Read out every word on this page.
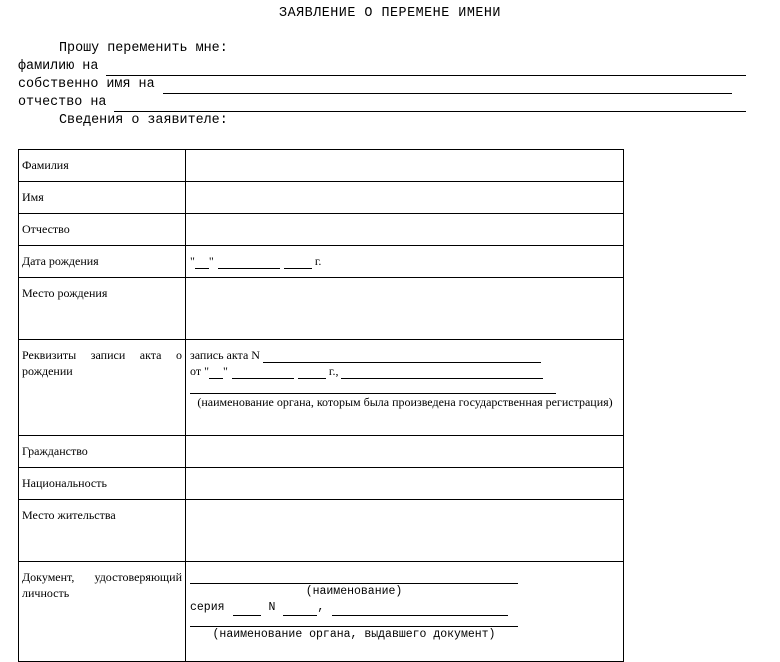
ЗАЯВЛЕНИЕ О ПЕРЕМЕНЕ ИМЕНИ
Прошу переменить мне:
фамилию на
собственно имя на
отчество на
Сведения о заявителе:
Фамилия	
Имя	
Отчество	
Дата рождения	" " г.

Место рождения	

Реквизиты записи акта о рождении	запись акта N
от " " г.,
(наименование органа, которым была произведена государственная регистрация)

Гражданство	
Национальность	
Место жительства	

Документ, удостоверяющий личность	(наименование)
серия N ,
(наименование органа, выдавшего документ)
